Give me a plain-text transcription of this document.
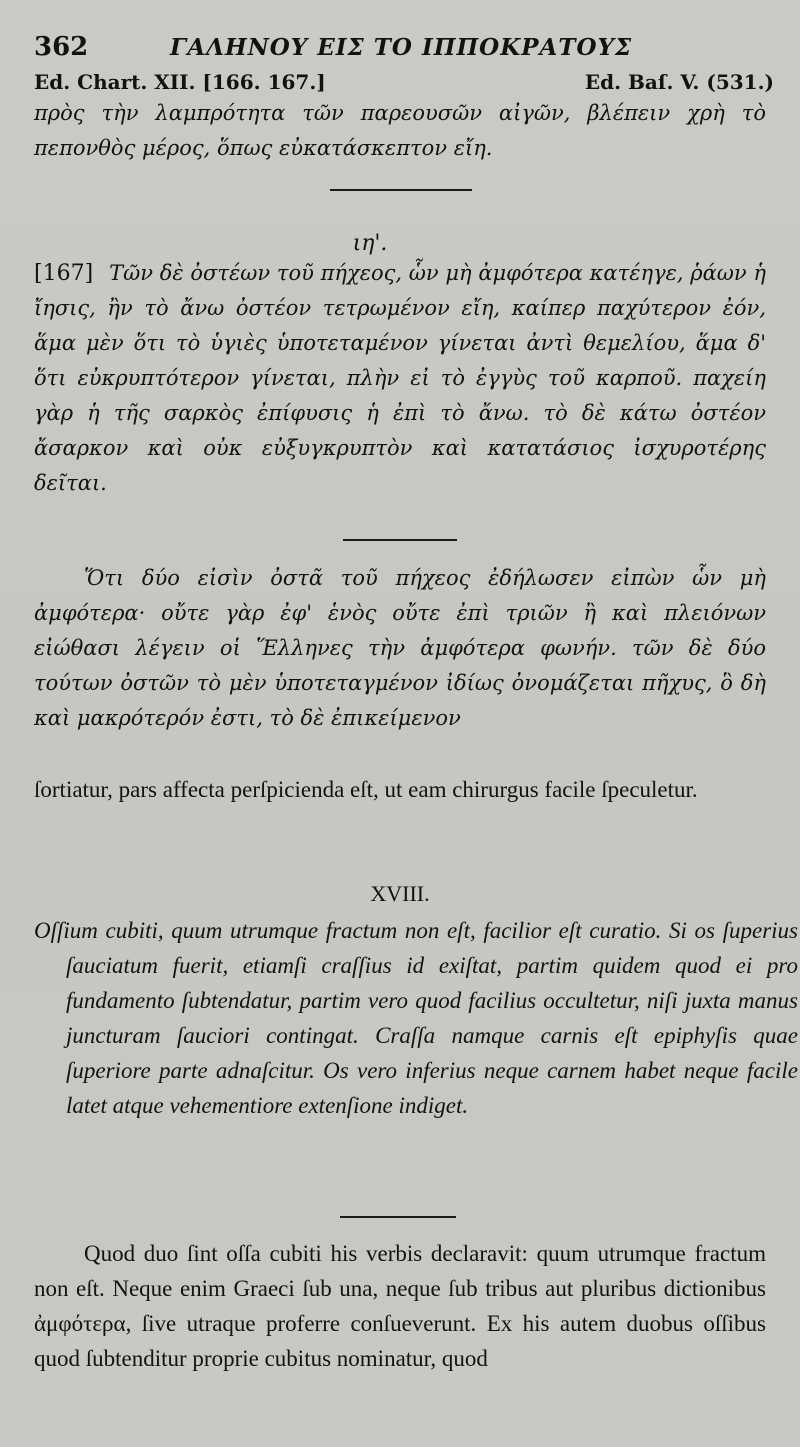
362	ΓΑΛΗΝΟΥ ΕΙΣ ΤΟ ΙΠΠΟΚΡΑΤΟΥΣ
Ed. Chart. XII. [166. 167.]	Ed. Baſ. V. (531.)

πρὸς τὴν λαμπρότητα τῶν παρεουσῶν αἰγῶν, βλέπειν χρὴ τὸ πεπονθὸς μέρος, ὅπως εὐκατάσκεπτον εἴη.

ιη'.

[167] Τῶν δὲ ὀστέων τοῦ πήχεος, ὧν μὴ ἀμφότερα κατέηγε, ῥάων ἡ ἴησις, ἢν τὸ ἄνω ὀστέον τετρωμένον εἴη, καίπερ παχύτερον ἐόν, ἅμα μὲν ὅτι τὸ ὑγιὲς ὑποτεταμένον γίνεται ἀντὶ θεμελίου, ἅμα δ' ὅτι εὐκρυπτότερον γίνεται, πλὴν εἰ τὸ ἐγγὺς τοῦ καρποῦ. παχείη γὰρ ἡ τῆς σαρκὸς ἐπίφυσις ἡ ἐπὶ τὸ ἄνω. τὸ δὲ κάτω ὀστέον ἄσαρκον καὶ οὐκ εὐξυγκρυπτὸν καὶ κατατάσιος ἰσχυροτέρης δεῖται.

Ὅτι δύο εἰσὶν ὀστᾶ τοῦ πήχεος ἐδήλωσεν εἰπὼν ὧν μὴ ἀμφότερα· οὔτε γὰρ ἐφ' ἑνὸς οὔτε ἐπὶ τριῶν ἢ καὶ πλειόνων εἰώθασι λέγειν οἱ Ἕλληνες τὴν ἀμφότερα φωνήν. τῶν δὲ δύο τούτων ὀστῶν τὸ μὲν ὑποτεταγμένον ἰδίως ὀνομάζεται πῆχυς, ὃ δὴ καὶ μακρότερόν ἐστι, τὸ δὲ ἐπικείμενον

ſortiatur, pars affecta perſpicienda eſt, ut eam chirurgus facile ſpeculetur.

XVIII.

Oſſium cubiti, quum utrumque fractum non eſt, facilior eſt curatio. Si os ſuperius ſauciatum fuerit, etiamſi craſſius id exiſtat, partim quidem quod ei pro fundamento ſubtendatur, partim vero quod facilius occultetur, niſi juxta manus juncturam ſauciori contingat. Craſſa namque carnis eſt epiphyſis quae ſuperiore parte adnaſcitur. Os vero inferius neque carnem habet neque facile latet atque vehementiore extenſione indiget.

Quod duo ſint oſſa cubiti his verbis declaravit: quum utrumque fractum non eſt. Neque enim Graeci ſub una, neque ſub tribus aut pluribus dictionibus ἀμφότερα, ſive utraque proferre conſueverunt. Ex his autem duobus oſſibus quod ſubtenditur proprie cubitus nominatur, quod
